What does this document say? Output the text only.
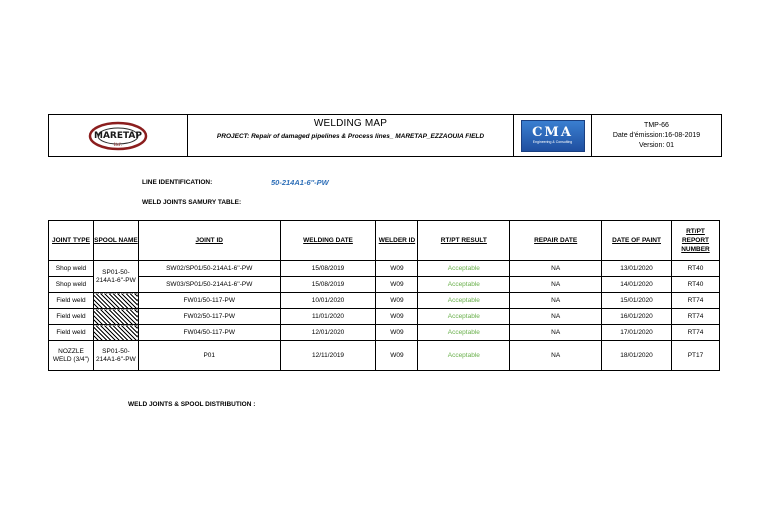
MARETAP
ltd.
WELDING MAP
PROJECT: Repair of damaged pipelines & Process lines_ MARETAP_EZZAOUIA FIELD	CMA
Engineering & Consulting
TMP-66
Date d'émission:16-08-2019
Version: 01
LINE IDENTIFICATION:	50-214A1-6''-PW
WELD JOINTS SAMURY TABLE:
JOINT TYPE	SPOOL NAME	JOINT ID	WELDING DATE	WELDER ID	RT/PT RESULT	REPAIR DATE	DATE OF PAINT	RT/PT REPORT NUMBER
Shop weld	SP01-50-214A1-6''-PW	SW02/SP01/50-214A1-6''-PW	15/08/2019	W09	Acceptable	NA	13/01/2020	RT40
Shop weld		SW03/SP01/50-214A1-6''-PW	15/08/2019	W09	Acceptable	NA	14/01/2020	RT40
Field weld		FW01/50-117-PW	10/01/2020	W09	Acceptable	NA	15/01/2020	RT74
Field weld		FW02/50-117-PW	11/01/2020	W09	Acceptable	NA	16/01/2020	RT74
Field weld		FW04/50-117-PW	12/01/2020	W09	Acceptable	NA	17/01/2020	RT74
NOZZLE WELD (3/4")	SP01-50-214A1-6''-PW	P01	12/11/2019	W09	Acceptable	NA	18/01/2020	PT17
WELD JOINTS & SPOOL DISTRIBUTION :
